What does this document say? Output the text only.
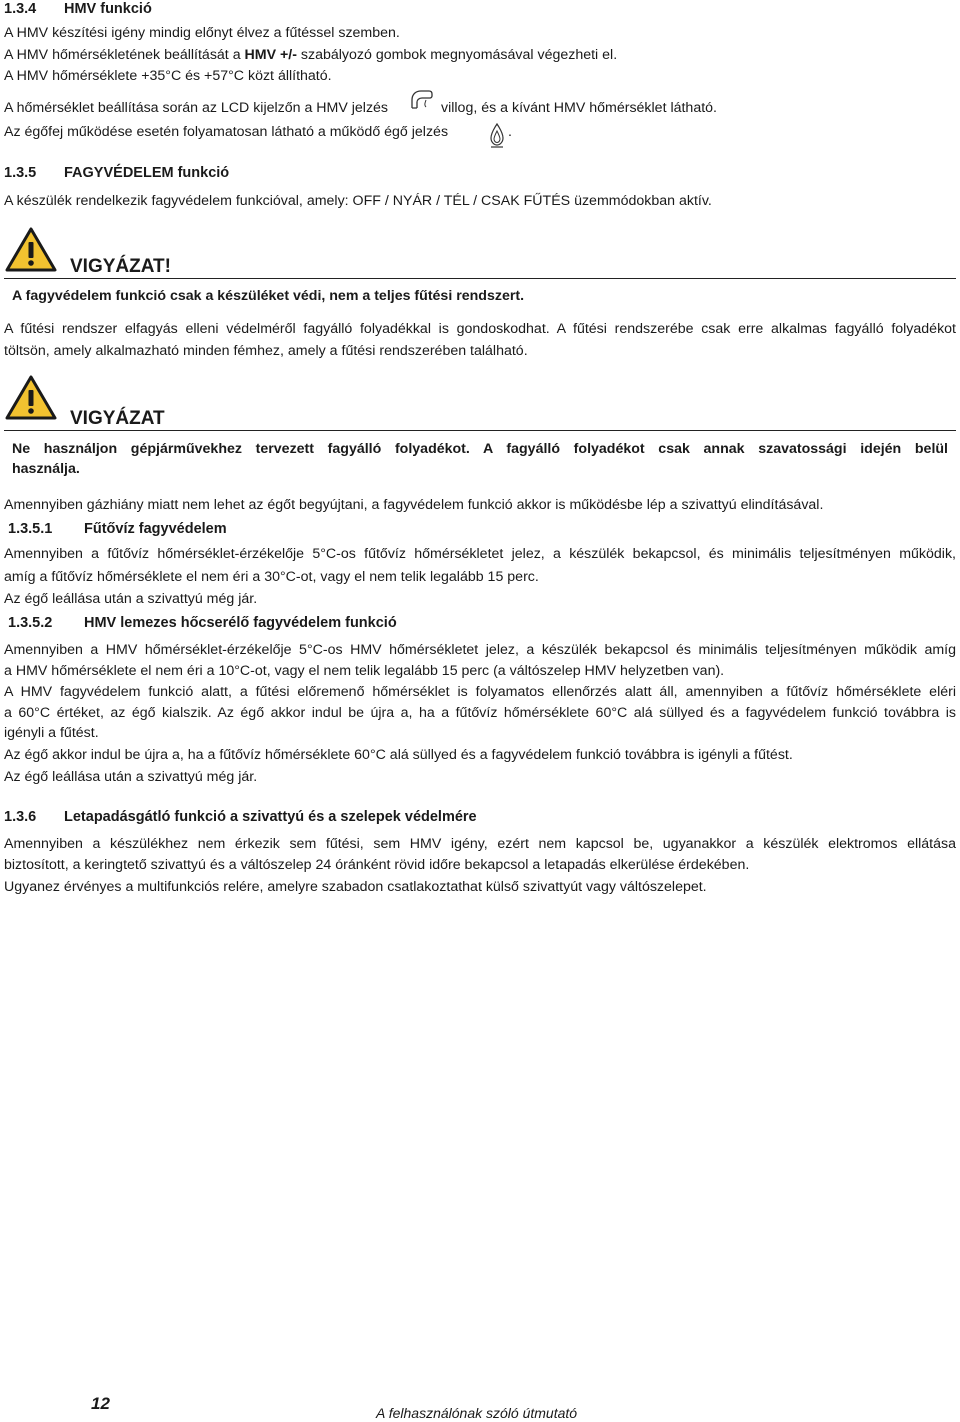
1.3.4 HMV funkció
A HMV készítési igény mindig előnyt élvez a fűtéssel szemben.
A HMV hőmérsékletének beállítását a HMV +/- szabályozó gombok megnyomásával végezheti el.
A HMV hőmérséklete +35°C és +57°C közt állítható.
A hőmérséklet beállítása során az LCD kijelzőn a HMV jelzés	villog, és a kívánt HMV hőmérséklet látható.
Az égőfej működése esetén folyamatosan látható a működő égő jelzés	.
1.3.5 FAGYVÉDELEM funkció
A készülék rendelkezik fagyvédelem funkcióval, amely: OFF / NYÁR / TÉL / CSAK FŰTÉS üzemmódokban aktív.
VIGYÁZAT!
A fagyvédelem funkció csak a készüléket védi, nem a teljes fűtési rendszert.
A fűtési rendszer elfagyás elleni védelméről fagyálló folyadékkal is gondoskodhat. A fűtési rendszerébe csak erre alkalmas fagyálló folyadékot
töltsön, amely alkalmazható minden fémhez, amely a fűtési rendszerében található.
VIGYÁZAT
Ne használjon gépjárművekhez tervezett fagyálló folyadékot. A fagyálló folyadékot csak annak szavatossági idején belül
használja.
Amennyiben gázhiány miatt nem lehet az égőt begyújtani, a fagyvédelem funkció akkor is működésbe lép a szivattyú elindításával.
1.3.5.1 Fűtővíz fagyvédelem
Amennyiben a fűtővíz hőmérséklet-érzékelője 5°C-os fűtővíz hőmérsékletet jelez, a készülék bekapcsol, és minimális teljesítményen működik,
amíg a fűtővíz hőmérséklete el nem éri a 30°C-ot, vagy el nem telik legalább 15 perc.
Az égő leállása után a szivattyú még jár.
1.3.5.2 HMV lemezes hőcserélő fagyvédelem funkció
Amennyiben a HMV hőmérséklet-érzékelője 5°C-os HMV hőmérsékletet jelez, a készülék bekapcsol és minimális teljesítményen működik amíg
a HMV hőmérséklete el nem éri a 10°C-ot, vagy el nem telik legalább 15 perc (a váltószelep HMV helyzetben van).
A HMV fagyvédelem funkció alatt, a fűtési előremenő hőmérséklet is folyamatos ellenőrzés alatt áll, amennyiben a fűtővíz hőmérséklete eléri
a 60°C értéket, az égő kialszik. Az égő akkor indul be újra a, ha a fűtővíz hőmérséklete 60°C alá süllyed és a fagyvédelem funkció továbbra is
igényli a fűtést.
Az égő akkor indul be újra a, ha a fűtővíz hőmérséklete 60°C alá süllyed és a fagyvédelem funkció továbbra is igényli a fűtést.
Az égő leállása után a szivattyú még jár.
1.3.6 Letapadásgátló funkció a szivattyú és a szelepek védelmére
Amennyiben a készülékhez nem érkezik sem fűtési, sem HMV igény, ezért nem kapcsol be, ugyanakkor a készülék elektromos ellátása
biztosított, a keringtető szivattyú és a váltószelep 24 óránként rövid időre bekapcsol a letapadás elkerülése érdekében.
Ugyanez érvényes a multifunkciós relére, amelyre szabadon csatlakoztathat külső szivattyút vagy váltószelepet.
12	A felhasználónak szóló útmutató
